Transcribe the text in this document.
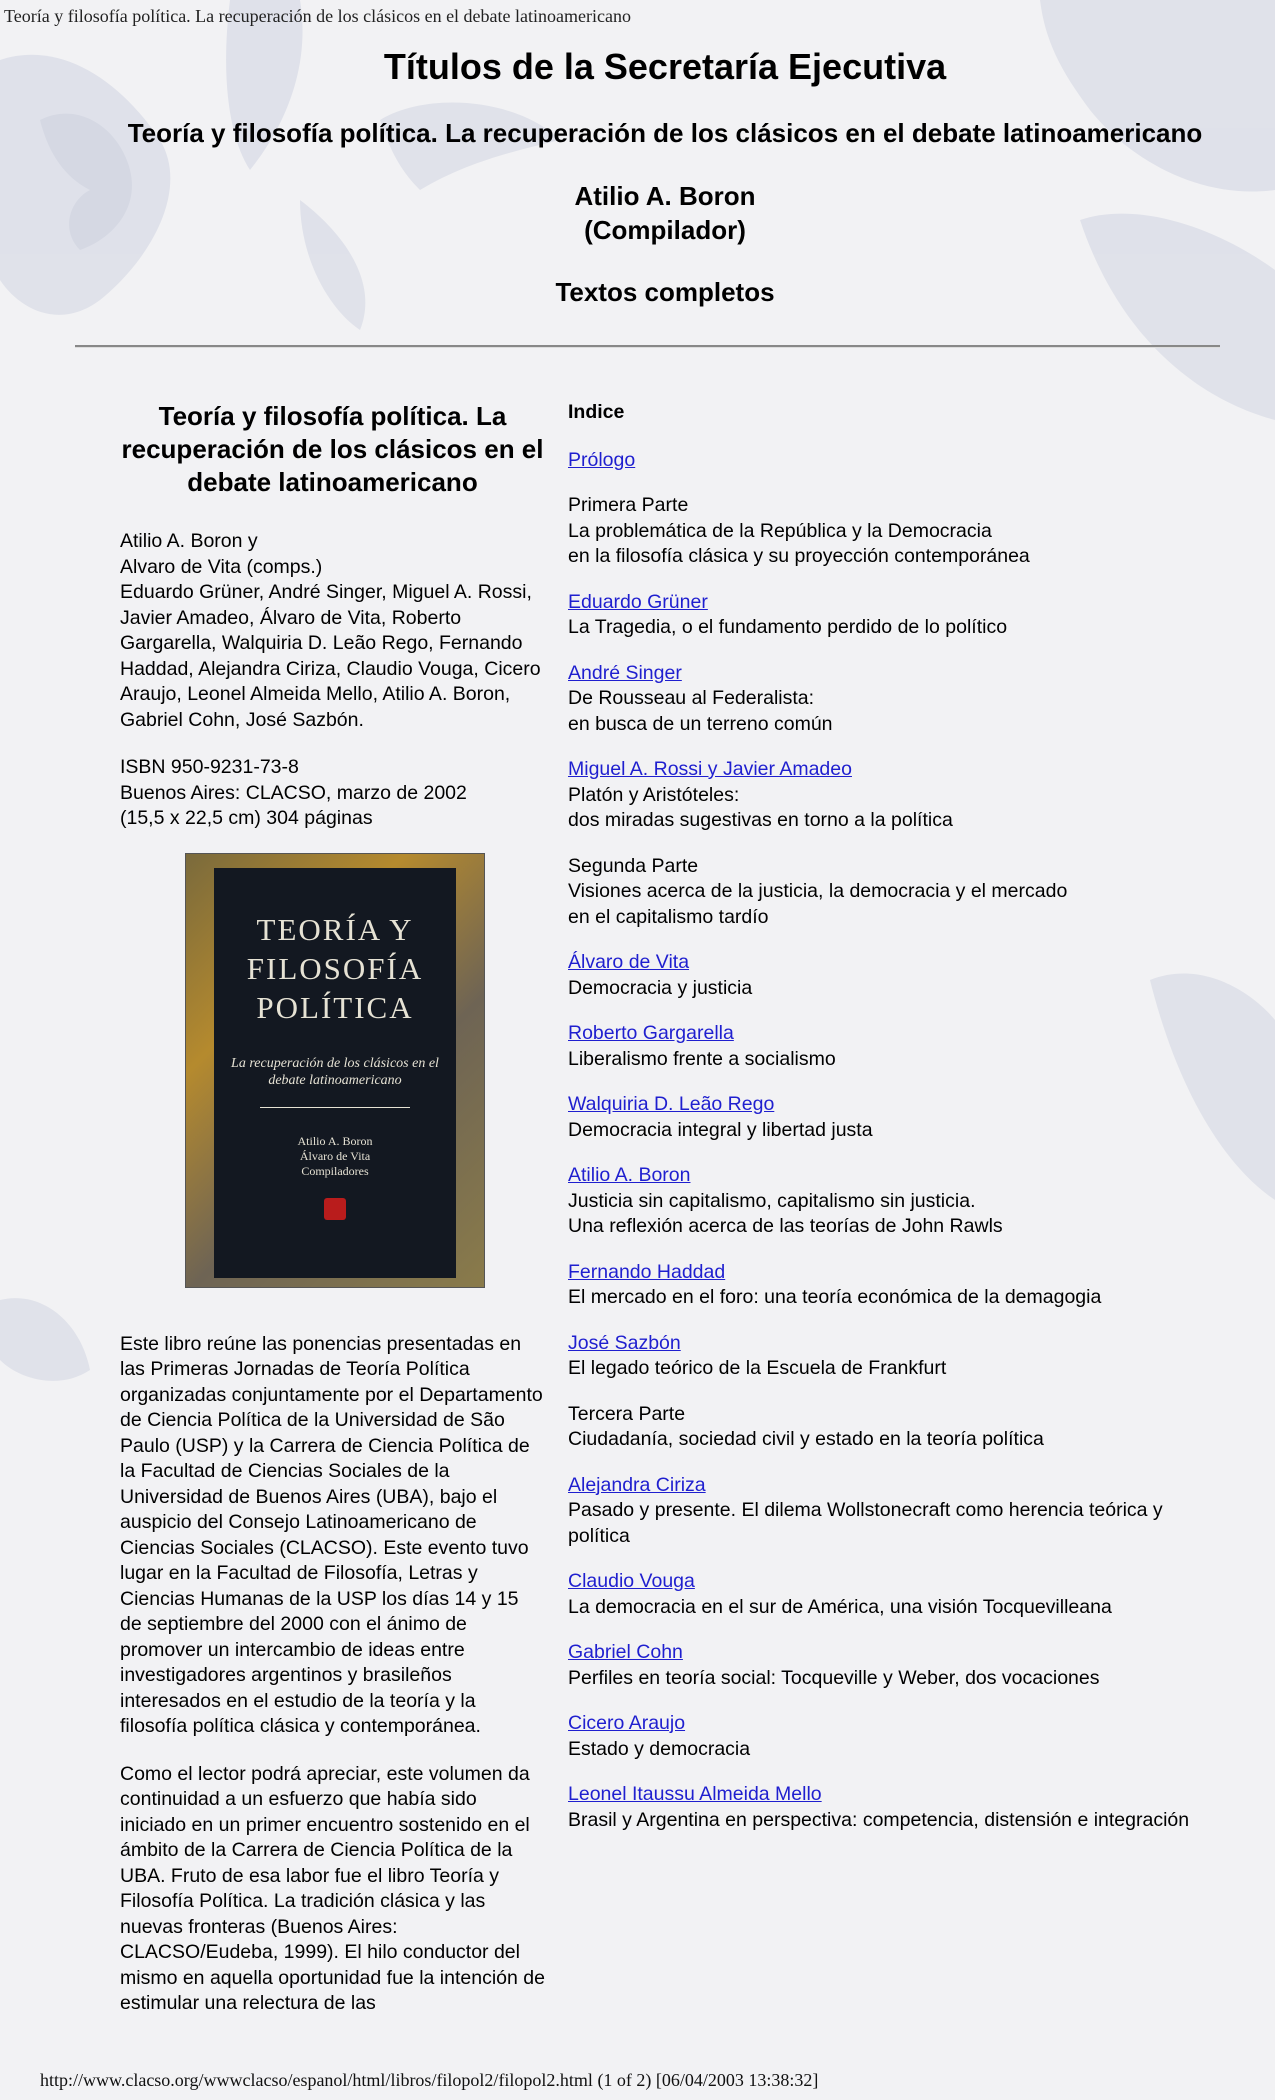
Teoría y filosofía política. La recuperación de los clásicos en el debate latinoamericano
Títulos de la Secretaría Ejecutiva
Teoría y filosofía política. La recuperación de los clásicos en el debate latinoamericano
Atilio A. Boron
(Compilador)
Textos completos
Teoría y filosofía política. La recuperación de los clásicos en el debate latinoamericano

Atilio A. Boron y
Alvaro de Vita (comps.)
Eduardo Grüner, André Singer, Miguel A. Rossi, Javier Amadeo, Álvaro de Vita, Roberto Gargarella, Walquiria D. Leão Rego, Fernando Haddad, Alejandra Ciriza, Claudio Vouga, Cicero Araujo, Leonel Almeida Mello, Atilio A. Boron, Gabriel Cohn, José Sazbón.

ISBN 950-9231-73-8
Buenos Aires: CLACSO, marzo de 2002
(15,5 x 22,5 cm) 304 páginas

TEORÍA Y FILOSOFÍA POLÍTICA
La recuperación de los clásicos en el debate latinoamericano
Atilio A. Boron
Álvaro de Vita
Compiladores

Este libro reúne las ponencias presentadas en las Primeras Jornadas de Teoría Política organizadas conjuntamente por el Departamento de Ciencia Política de la Universidad de São Paulo (USP) y la Carrera de Ciencia Política de la Facultad de Ciencias Sociales de la Universidad de Buenos Aires (UBA), bajo el auspicio del Consejo Latinoamericano de Ciencias Sociales (CLACSO). Este evento tuvo lugar en la Facultad de Filosofía, Letras y Ciencias Humanas de la USP los días 14 y 15 de septiembre del 2000 con el ánimo de promover un intercambio de ideas entre investigadores argentinos y brasileños interesados en el estudio de la teoría y la filosofía política clásica y contemporánea.

Como el lector podrá apreciar, este volumen da continuidad a un esfuerzo que había sido iniciado en un primer encuentro sostenido en el ámbito de la Carrera de Ciencia Política de la UBA. Fruto de esa labor fue el libro Teoría y Filosofía Política. La tradición clásica y las nuevas fronteras (Buenos Aires: CLACSO/Eudeba, 1999). El hilo conductor del mismo en aquella oportunidad fue la intención de estimular una relectura de las

Indice
Prólogo
Primera Parte
La problemática de la República y la Democracia
en la filosofía clásica y su proyección contemporánea
Eduardo Grüner
La Tragedia, o el fundamento perdido de lo político
André Singer
De Rousseau al Federalista:
en busca de un terreno común
Miguel A. Rossi y Javier Amadeo
Platón y Aristóteles:
dos miradas sugestivas en torno a la política
Segunda Parte
Visiones acerca de la justicia, la democracia y el mercado
en el capitalismo tardío
Álvaro de Vita
Democracia y justicia
Roberto Gargarella
Liberalismo frente a socialismo
Walquiria D. Leão Rego
Democracia integral y libertad justa
Atilio A. Boron
Justicia sin capitalismo, capitalismo sin justicia.
Una reflexión acerca de las teorías de John Rawls
Fernando Haddad
El mercado en el foro: una teoría económica de la demagogia
José Sazbón
El legado teórico de la Escuela de Frankfurt
Tercera Parte
Ciudadanía, sociedad civil y estado en la teoría política
Alejandra Ciriza
Pasado y presente. El dilema Wollstonecraft como herencia teórica y política
Claudio Vouga
La democracia en el sur de América, una visión Tocquevilleana
Gabriel Cohn
Perfiles en teoría social: Tocqueville y Weber, dos vocaciones
Cicero Araujo
Estado y democracia
Leonel Itaussu Almeida Mello
Brasil y Argentina en perspectiva: competencia, distensión e integración
http://www.clacso.org/wwwclacso/espanol/html/libros/filopol2/filopol2.html (1 of 2) [06/04/2003 13:38:32]
